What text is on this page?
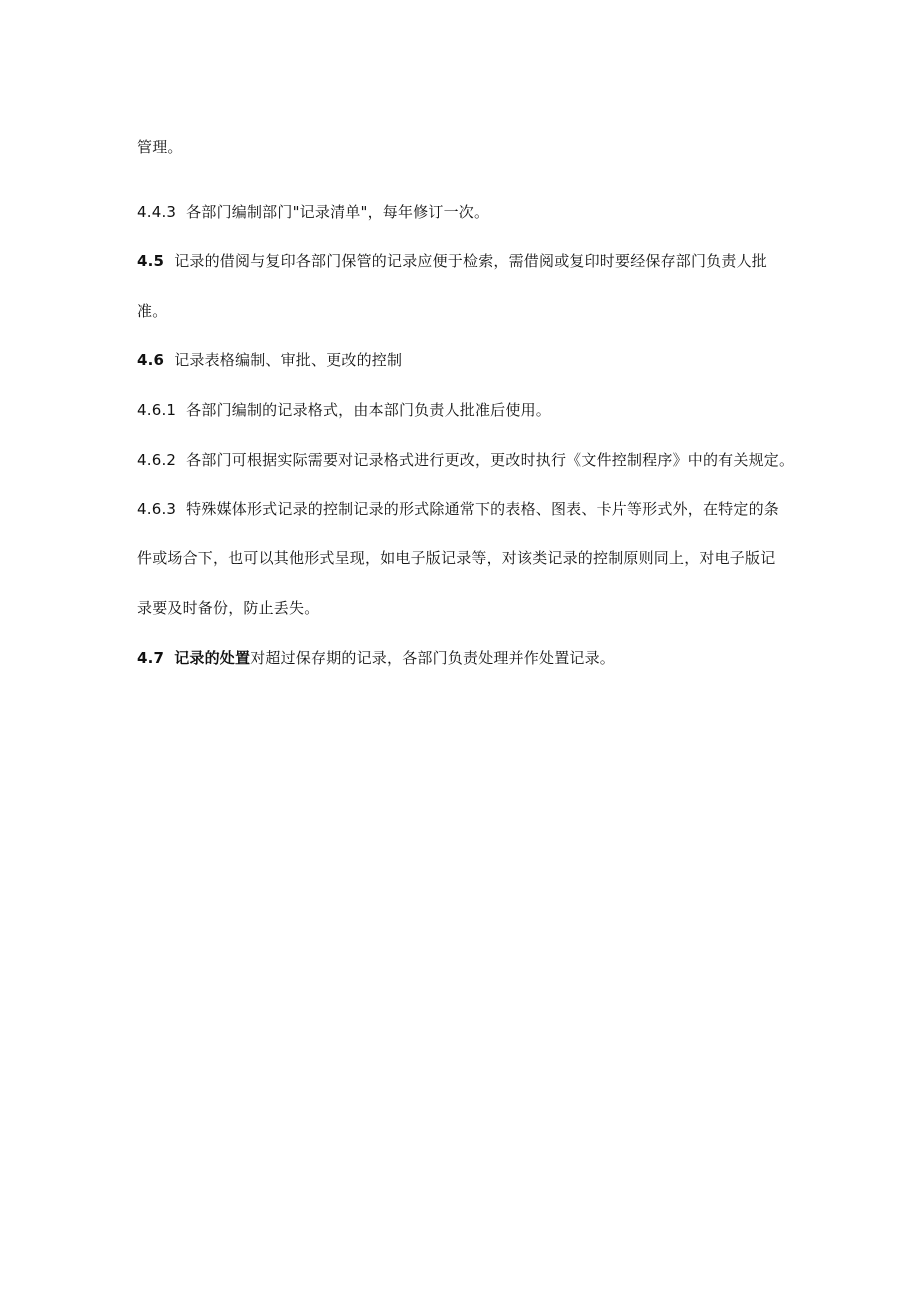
管理。
4.4.3 各部门编制部门"记录清单"，每年修订一次。
4.5 记录的借阅与复印各部门保管的记录应便于检索，需借阅或复印时要经保存部门负责人批
准。
4.6 记录表格编制、审批、更改的控制
4.6.1 各部门编制的记录格式，由本部门负责人批准后使用。
4.6.2 各部门可根据实际需要对记录格式进行更改，更改时执行《文件控制程序》中的有关规定。
4.6.3 特殊媒体形式记录的控制记录的形式除通常下的表格、图表、卡片等形式外，在特定的条
件或场合下，也可以其他形式呈现，如电子版记录等，对该类记录的控制原则同上，对电子版记
录要及时备份，防止丢失。
4.7 记录的处置对超过保存期的记录，各部门负责处理并作处置记录。
